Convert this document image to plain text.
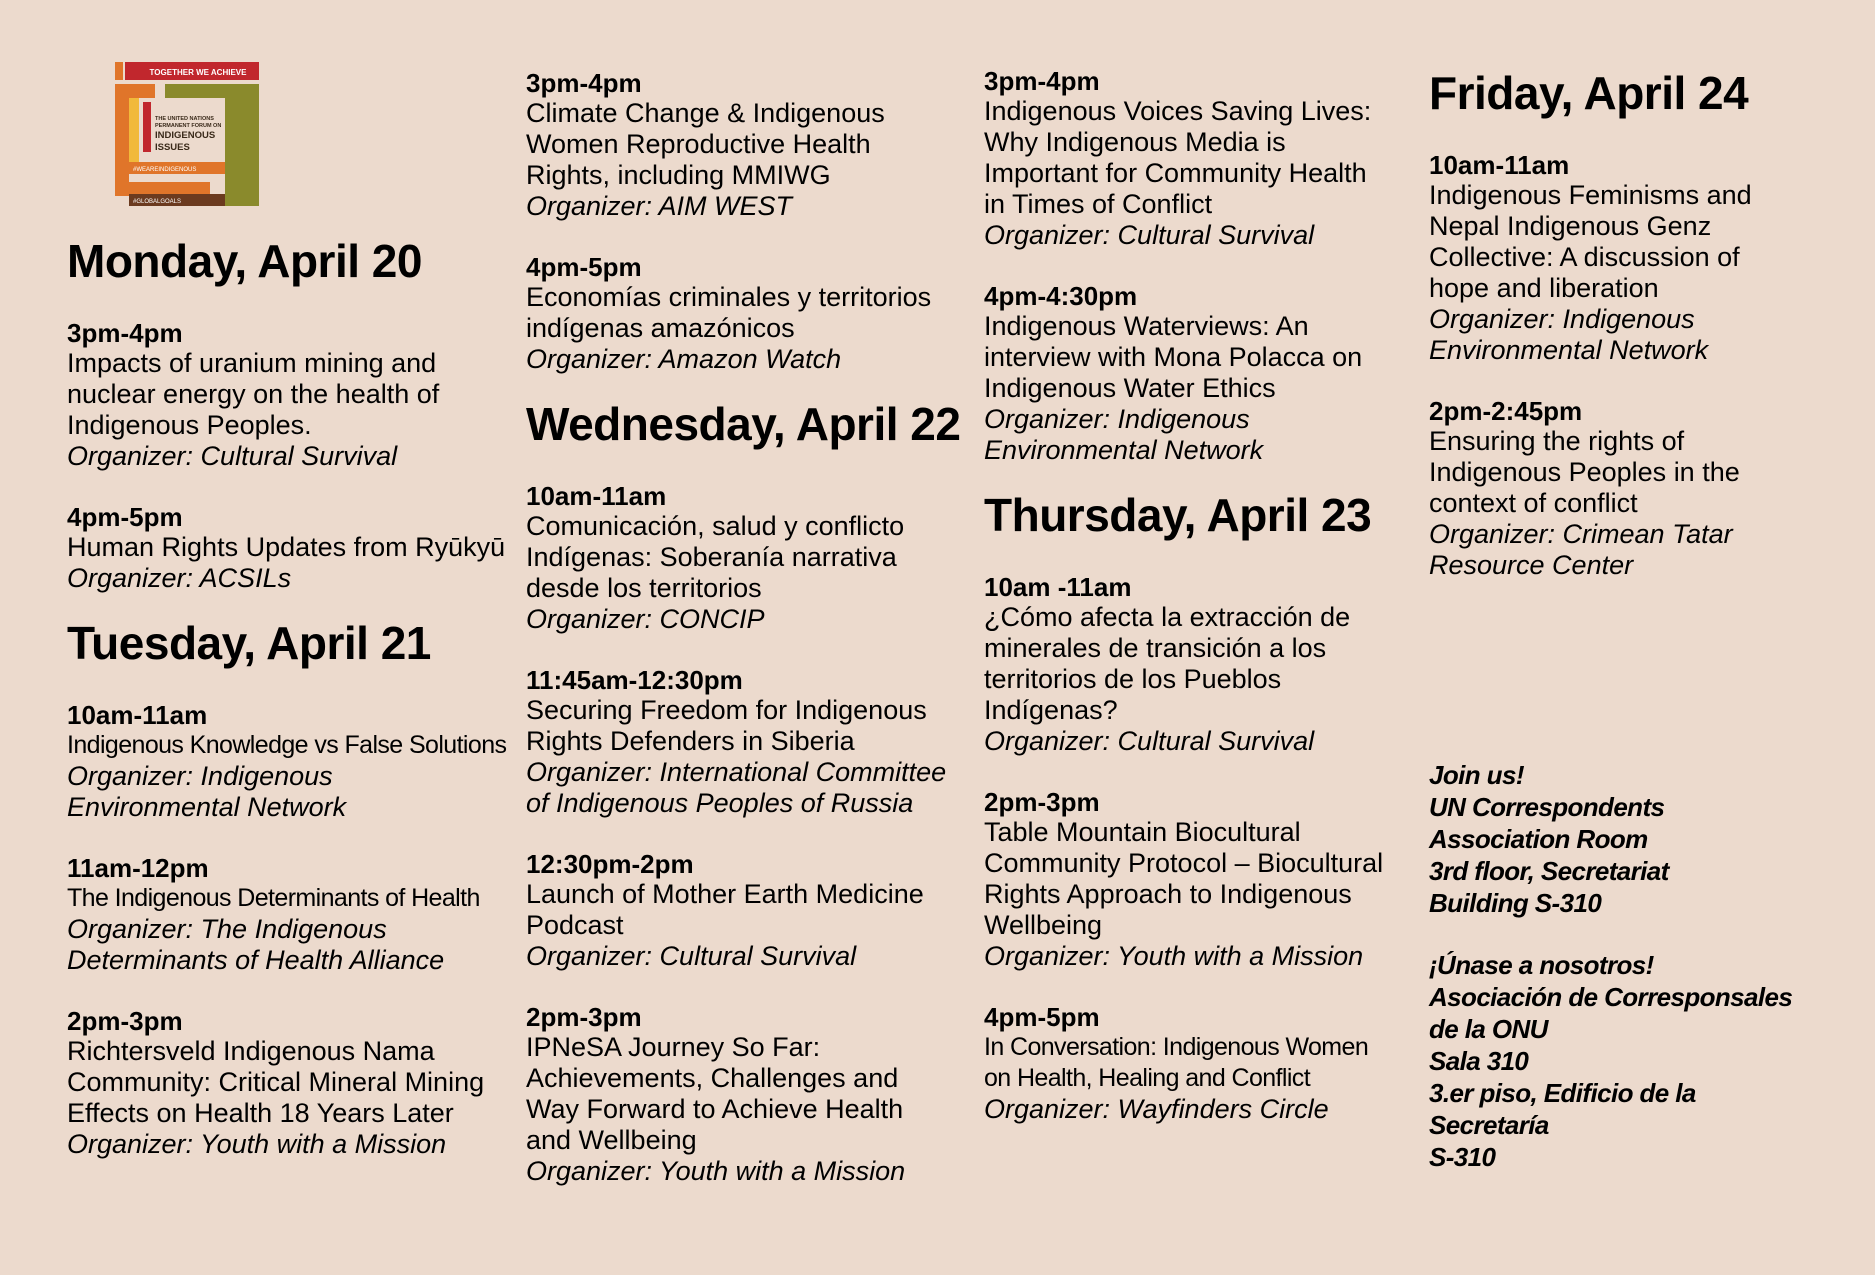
TOGETHER WE ACHIEVE
THE UNITED NATIONS
PERMANENT FORUM ON
INDIGENOUS
ISSUES
#WEAREINDIGENOUS
#GLOBALGOALS
Monday, April 20
3pm-4pm
Impacts of uranium mining and
nuclear energy on the health of
Indigenous Peoples.
Organizer: Cultural Survival
4pm-5pm
Human Rights Updates from Ryūkyū
Organizer: ACSILs
Tuesday, April 21
10am-11am
Indigenous Knowledge vs False Solutions
Organizer: Indigenous
Environmental Network
11am-12pm
The Indigenous Determinants of Health
Organizer: The Indigenous
Determinants of Health Alliance
2pm-3pm
Richtersveld Indigenous Nama
Community: Critical Mineral Mining
Effects on Health 18 Years Later
Organizer: Youth with a Mission
3pm-4pm
Climate Change & Indigenous
Women Reproductive Health
Rights, including MMIWG
Organizer: AIM WEST
4pm-5pm
Economías criminales y territorios
indígenas amazónicos
Organizer: Amazon Watch
Wednesday, April 22
10am-11am
Comunicación, salud y conflicto
Indígenas: Soberanía narrativa
desde los territorios
Organizer: CONCIP
11:45am-12:30pm
Securing Freedom for Indigenous
Rights Defenders in Siberia
Organizer: International Committee
of Indigenous Peoples of Russia
12:30pm-2pm
Launch of Mother Earth Medicine
Podcast
Organizer: Cultural Survival
2pm-3pm
IPNeSA Journey So Far:
Achievements, Challenges and
Way Forward to Achieve Health
and Wellbeing
Organizer: Youth with a Mission
3pm-4pm
Indigenous Voices Saving Lives:
Why Indigenous Media is
Important for Community Health
in Times of Conflict
Organizer: Cultural Survival
4pm-4:30pm
Indigenous Waterviews: An
interview with Mona Polacca on
Indigenous Water Ethics
Organizer: Indigenous
Environmental Network
Thursday, April 23
10am -11am
¿Cómo afecta la extracción de
minerales de transición a los
territorios de los Pueblos
Indígenas?
Organizer: Cultural Survival
2pm-3pm
Table Mountain Biocultural
Community Protocol – Biocultural
Rights Approach to Indigenous
Wellbeing
Organizer: Youth with a Mission
4pm-5pm
In Conversation: Indigenous Women
on Health, Healing and Conflict
Organizer: Wayfinders Circle
Friday, April 24
10am-11am
Indigenous Feminisms and
Nepal Indigenous Genz
Collective: A discussion of
hope and liberation
Organizer: Indigenous
Environmental Network
2pm-2:45pm
Ensuring the rights of
Indigenous Peoples in the
context of conflict
Organizer: Crimean Tatar
Resource Center
Join us!
UN Correspondents
Association Room
3rd floor, Secretariat
Building S-310
¡Únase a nosotros!
Asociación de Corresponsales
de la ONU
Sala 310
3.er piso, Edificio de la
Secretaría
S-310
